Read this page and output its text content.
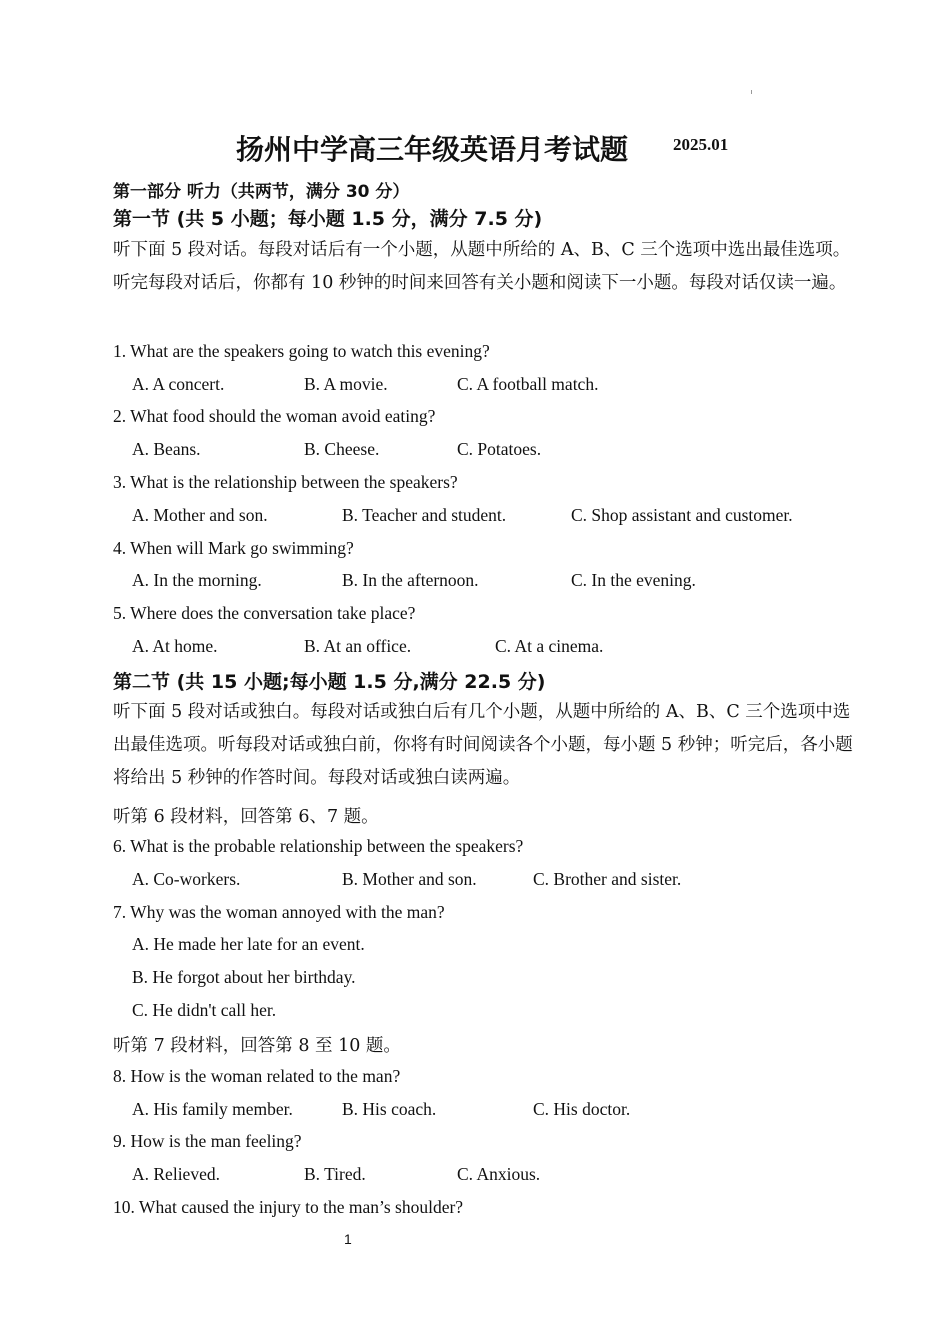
扬州中学高三年级英语月考试题	2025.01
第一部分 听力（共两节，满分 30 分）
第一节 (共 5 小题；每小题 1.5 分，满分 7.5 分)
听下面 5 段对话。每段对话后有一个小题，从题中所给的 A、B、C 三个选项中选出最佳选项。听完每段对话后，你都有 10 秒钟的时间来回答有关小题和阅读下一小题。每段对话仅读一遍。
1. What are the speakers going to watch this evening?
A. A concert.	B. A movie.	C. A football match.
2. What food should the woman avoid eating?
A. Beans.	B. Cheese.	C. Potatoes.
3. What is the relationship between the speakers?
A. Mother and son.	B. Teacher and student.	C. Shop assistant and customer.
4. When will Mark go swimming?
A. In the morning.	B. In the afternoon.	C. In the evening.
5. Where does the conversation take place?
A. At home.	B. At an office.	C. At a cinema.
第二节 (共 15 小题;每小题 1.5 分,满分 22.5 分)
听下面 5 段对话或独白。每段对话或独白后有几个小题，从题中所给的 A、B、C 三个选项中选出最佳选项。听每段对话或独白前，你将有时间阅读各个小题，每小题 5 秒钟；听完后，各小题将给出 5 秒钟的作答时间。每段对话或独白读两遍。
听第 6 段材料，回答第 6、7 题。
6. What is the probable relationship between the speakers?
A. Co-workers.	B. Mother and son.	C. Brother and sister.
7. Why was the woman annoyed with the man?
A. He made her late for an event.
B. He forgot about her birthday.
C. He didn't call her.
听第 7 段材料，回答第 8 至 10 题。
8. How is the woman related to the man?
A. His family member.	B. His coach.	C. His doctor.
9. How is the man feeling?
A. Relieved.	B. Tired.	C. Anxious.
10. What caused the injury to the man’s shoulder?
1
